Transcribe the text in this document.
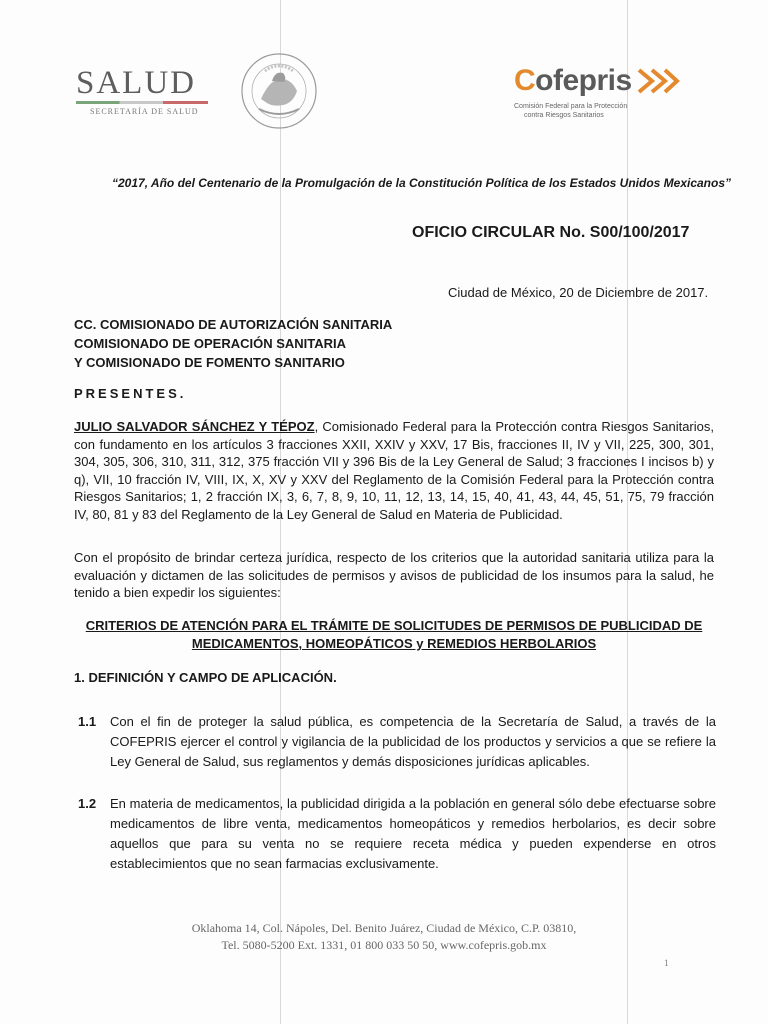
SALUD
SECRETARÍA DE SALUD
Cofepris
Comisión Federal para la Protección
contra Riesgos Sanitarios
“2017, Año del Centenario de la Promulgación de la Constitución Política de los Estados Unidos Mexicanos”
OFICIO CIRCULAR No. S00/100/2017
Ciudad de México, 20 de Diciembre de 2017.
CC. COMISIONADO DE AUTORIZACIÓN SANITARIA
COMISIONADO DE OPERACIÓN SANITARIA
Y COMISIONADO DE FOMENTO SANITARIO
PRESENTES.
JULIO SALVADOR SÁNCHEZ Y TÉPOZ, Comisionado Federal para la Protección contra Riesgos Sanitarios, con fundamento en los artículos 3 fracciones XXII, XXIV y XXV, 17 Bis, fracciones II, IV y VII, 225, 300, 301, 304, 305, 306, 310, 311, 312, 375 fracción VII y 396 Bis de la Ley General de Salud; 3 fracciones I incisos b) y q), VII, 10 fracción IV, VIII, IX, X, XV y XXV del Reglamento de la Comisión Federal para la Protección contra Riesgos Sanitarios; 1, 2 fracción IX, 3, 6, 7, 8, 9, 10, 11, 12, 13, 14, 15, 40, 41, 43, 44, 45, 51, 75, 79 fracción IV, 80, 81 y 83 del Reglamento de la Ley General de Salud en Materia de Publicidad.
Con el propósito de brindar certeza jurídica, respecto de los criterios que la autoridad sanitaria utiliza para la evaluación y dictamen de las solicitudes de permisos y avisos de publicidad de los insumos para la salud, he tenido a bien expedir los siguientes:
CRITERIOS DE ATENCIÓN PARA EL TRÁMITE DE SOLICITUDES DE PERMISOS DE PUBLICIDAD DE
MEDICAMENTOS, HOMEOPÁTICOS y REMEDIOS HERBOLARIOS
1. DEFINICIÓN Y CAMPO DE APLICACIÓN.
1.1 Con el fin de proteger la salud pública, es competencia de la Secretaría de Salud, a través de la COFEPRIS ejercer el control y vigilancia de la publicidad de los productos y servicios a que se refiere la Ley General de Salud, sus reglamentos y demás disposiciones jurídicas aplicables.
1.2 En materia de medicamentos, la publicidad dirigida a la población en general sólo debe efectuarse sobre medicamentos de libre venta, medicamentos homeopáticos y remedios herbolarios, es decir sobre aquellos que para su venta no se requiere receta médica y pueden expenderse en otros establecimientos que no sean farmacias exclusivamente.
Oklahoma 14, Col. Nápoles, Del. Benito Juárez, Ciudad de México, C.P. 03810,
Tel. 5080-5200 Ext. 1331, 01 800 033 50 50, www.cofepris.gob.mx
1
